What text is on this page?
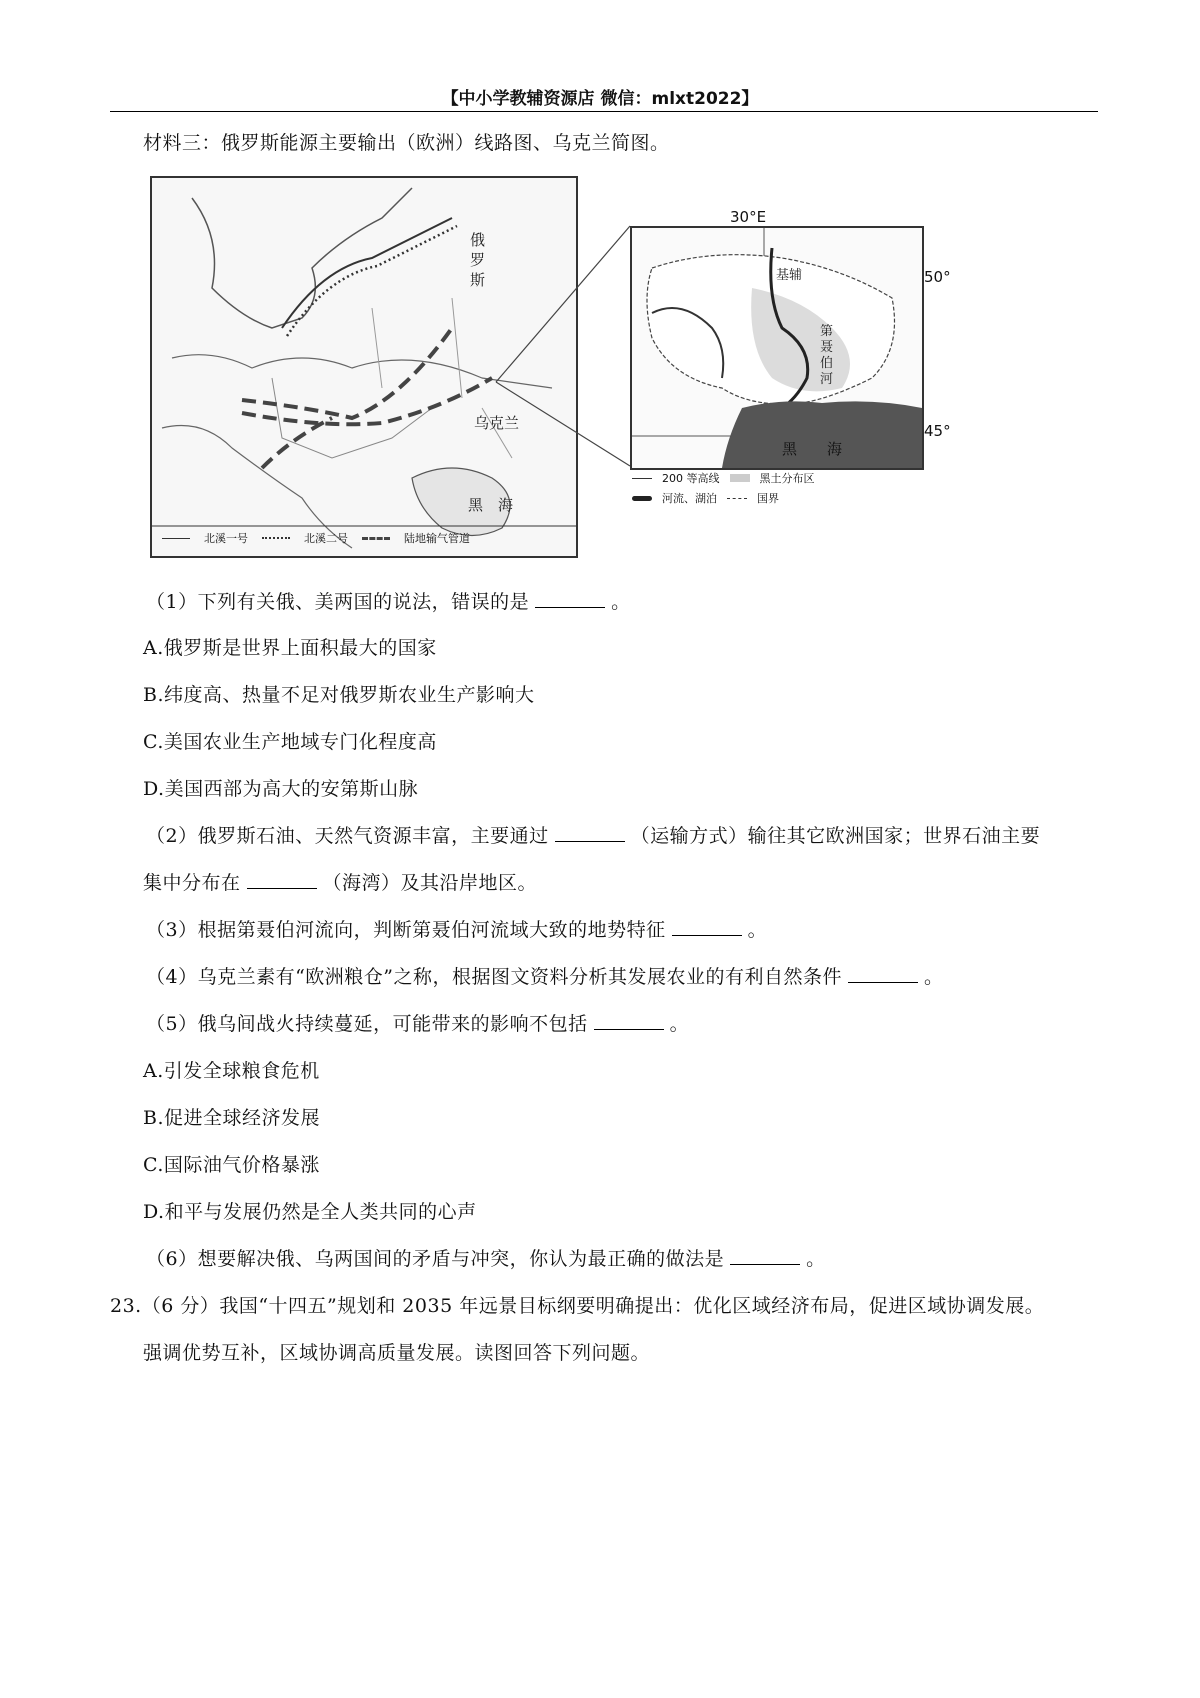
【中小学教辅资源店 微信：mlxt2022】
材料三：俄罗斯能源主要输出（欧洲）线路图、乌克兰简图。
俄罗斯
乌克兰
黑　海
北溪一号	北溪二号	陆地输气管道
30°E
基辅
第聂伯河
黑　　海
50°
45°
200 等高线	黑土分布区
河流、湖泊	国界
（1）下列有关俄、美两国的说法，错误的是	。
A.俄罗斯是世界上面积最大的国家
B.纬度高、热量不足对俄罗斯农业生产影响大
C.美国农业生产地域专门化程度高
D.美国西部为高大的安第斯山脉
（2）俄罗斯石油、天然气资源丰富，主要通过	（运输方式）输往其它欧洲国家；世界石油主要
集中分布在	（海湾）及其沿岸地区。
（3）根据第聂伯河流向，判断第聂伯河流域大致的地势特征	。
（4）乌克兰素有“欧洲粮仓”之称，根据图文资料分析其发展农业的有利自然条件	。
（5）俄乌间战火持续蔓延，可能带来的影响不包括	。
A.引发全球粮食危机
B.促进全球经济发展
C.国际油气价格暴涨
D.和平与发展仍然是全人类共同的心声
（6）想要解决俄、乌两国间的矛盾与冲突，你认为最正确的做法是	。
23.（6 分）我国“十四五”规划和 2035 年远景目标纲要明确提出：优化区域经济布局，促进区域协调发展。
强调优势互补，区域协调高质量发展。读图回答下列问题。
